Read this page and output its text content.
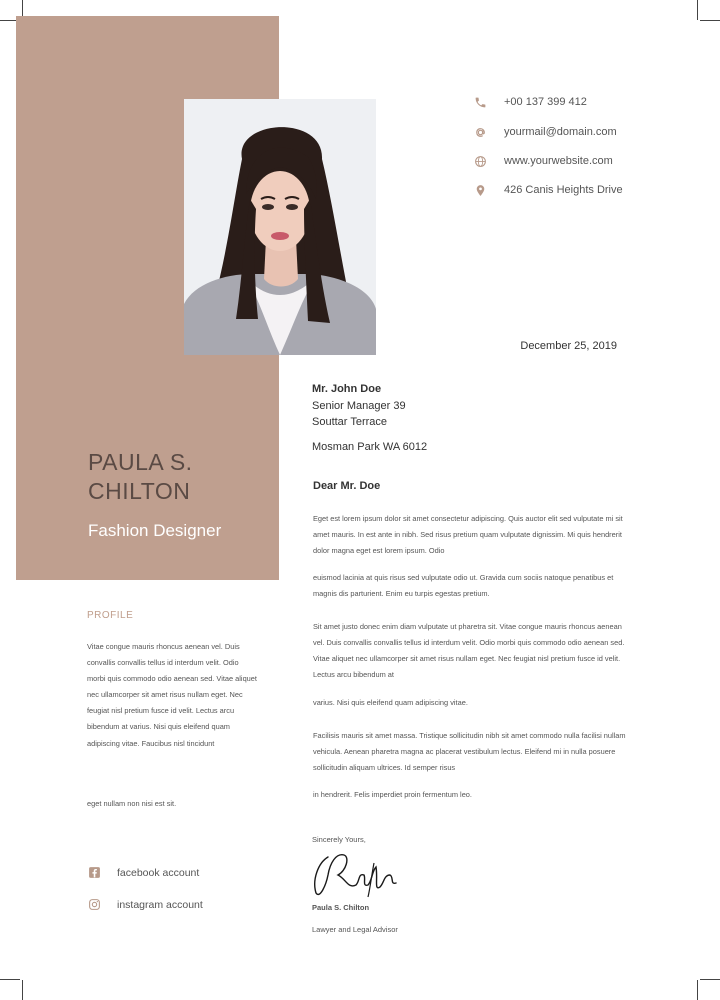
PAULA S.
CHILTON
Fashion Designer
+00 137 399 412
yourmail@domain.com
www.yourwebsite.com
426 Canis Heights Drive
December 25, 2019
Mr. John Doe
Senior Manager 39
Souttar Terrace
Mosman Park WA 6012
Dear Mr. Doe
Eget est lorem ipsum dolor sit amet consectetur adipiscing. Quis auctor elit sed vulputate mi sit amet mauris. In est ante in nibh. Sed risus pretium quam vulputate dignissim. Mi quis hendrerit dolor magna eget est lorem ipsum. Odio
euismod lacinia at quis risus sed vulputate odio ut. Gravida cum sociis natoque penatibus et magnis dis parturient. Enim eu turpis egestas pretium.
Sit amet justo donec enim diam vulputate ut pharetra sit. Vitae congue mauris rhoncus aenean vel. Duis convallis convallis tellus id interdum velit. Odio morbi quis commodo odio aenean sed. Vitae aliquet nec ullamcorper sit amet risus nullam eget. Nec feugiat nisl pretium fusce id velit. Lectus arcu bibendum at
varius. Nisi quis eleifend quam adipiscing vitae.
Facilisis mauris sit amet massa. Tristique sollicitudin nibh sit amet commodo nulla facilisi nullam vehicula. Aenean pharetra magna ac placerat vestibulum lectus. Eleifend mi in nulla posuere sollicitudin aliquam ultrices. Id semper risus
in hendrerit. Felis imperdiet proin fermentum leo.
PROFILE
Vitae congue mauris rhoncus aenean vel. Duis convallis convallis tellus id interdum velit. Odio morbi quis commodo odio aenean sed. Vitae aliquet nec ullamcorper sit amet risus nullam eget. Nec feugiat nisl pretium fusce id velit. Lectus arcu bibendum at varius. Nisi quis eleifend quam adipiscing vitae. Faucibus nisl tincidunt
eget nullam non nisi est sit.
facebook account
instagram account
Sincerely Yours,
Paula S. Chilton
Lawyer and Legal Advisor
